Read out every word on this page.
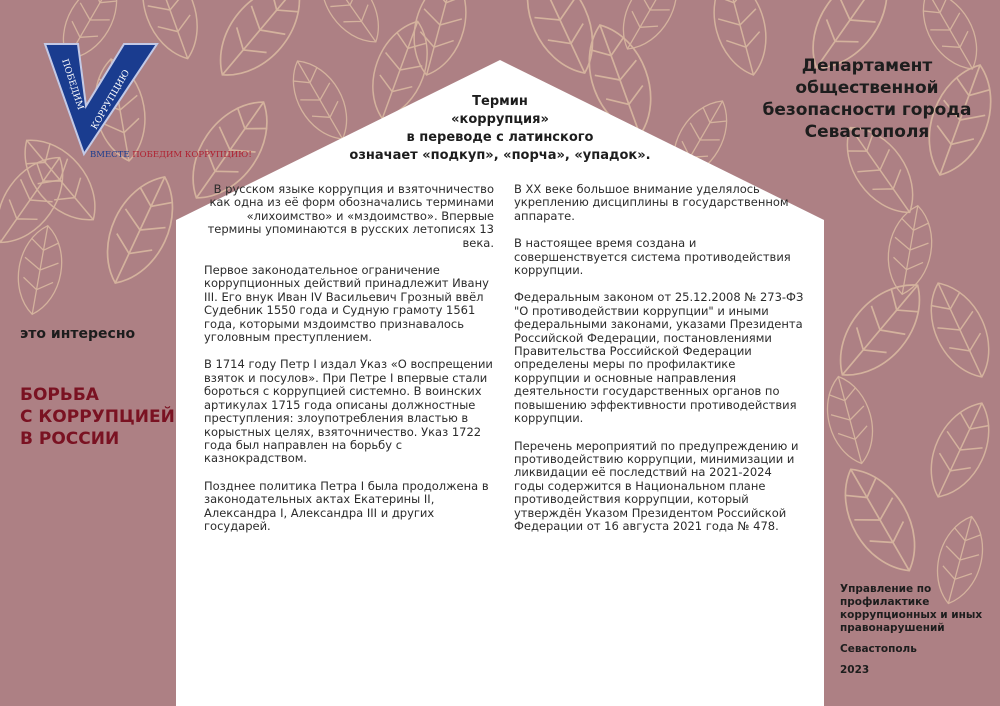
ПОБЕДИМ КОРРУПЦИЮ
ВМЕСТЕ ПОБЕДИМ КОРРУПЦИЮ!
Департамент общественной безопасности города Севастополя
это интересно
БОРЬБА
С КОРРУПЦИЕЙ
В РОССИИ
Термин
«коррупция»
в переводе с латинского
означает «подкуп», «порча», «упадок».

В русском языке коррупция и взяточничество как одна из её форм обозначались терминами «лихоимство» и «мздоимство». Впервые термины упоминаются в русских летописях 13 века.

Первое законодательное ограничение коррупционных действий принадлежит Ивану III. Его внук Иван IV Васильевич Грозный ввёл Судебник 1550 года и Судную грамоту 1561 года, которыми мздоимство признавалось уголовным преступлением.

В 1714 году Петр I издал Указ «О воспрещении взяток и посулов». При Петре I впервые стали бороться с коррупцией системно. В воинских артикулах 1715 года описаны должностные преступления: злоупотребления властью в корыстных целях, взяточничество. Указ 1722 года был направлен на борьбу с казнокрадством.

Позднее политика Петра I была продолжена в законодательных актах Екатерины II, Александра I, Александра III и других государей.

В XX веке большое внимание уделялось укреплению дисциплины в государственном аппарате.

В настоящее время создана и совершенствуется система противодействия коррупции.

Федеральным законом от 25.12.2008 № 273-ФЗ "О противодействии коррупции" и иными федеральными законами, указами Президента Российской Федерации, постановлениями Правительства Российской Федерации определены меры по профилактике коррупции и основные направления деятельности государственных органов по повышению эффективности противодействия коррупции.

Перечень мероприятий по предупреждению и противодействию коррупции, минимизации и ликвидации её последствий на 2021-2024 годы содержится в Национальном плане противодействия коррупции, который утверждён Указом Президентом Российской Федерации от 16 августа 2021 года № 478.

Управление по профилактике коррупционных и иных правонарушений
Севастополь
2023
